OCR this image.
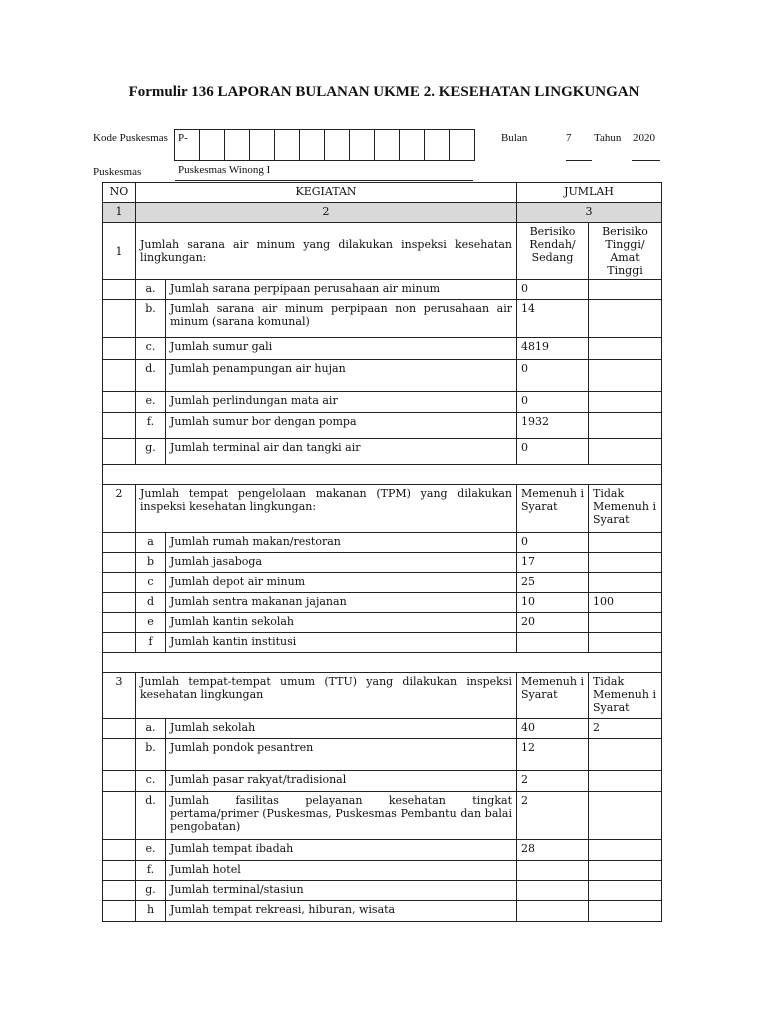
Formulir 136 LAPORAN BULANAN UKME 2. KESEHATAN LINGKUNGAN
Kode Puskesmas P-
Puskesmas	Puskesmas Winong I
Bulan	7 Tahun 2020
NO	KEGIATAN		JUMLAH	
1	2		3	
1	Jumlah sarana air minum yang dilakukan inspeksi kesehatan lingkungan:		Berisiko Rendah/ Sedang	Berisiko Tinggi/ Amat Tinggi
	a.	Jumlah sarana perpipaan perusahaan air minum	0	
	b.	Jumlah sarana air minum perpipaan non perusahaan air minum (sarana komunal)	14	
	c.	Jumlah sumur gali	4819	
	d.	Jumlah penampungan air hujan	0	
	e.	Jumlah perlindungan mata air	0	
	f.	Jumlah sumur bor dengan pompa	1932	
	g.	Jumlah terminal air dan tangki air	0	

2	Jumlah tempat pengelolaan makanan (TPM) yang dilakukan inspeksi kesehatan lingkungan:		Memenuh i Syarat	Tidak Memenuh i Syarat
	a	Jumlah rumah makan/restoran	0	
	b	Jumlah jasaboga	17	
	c	Jumlah depot air minum	25	
	d	Jumlah sentra makanan jajanan	10	100
	e	Jumlah kantin sekolah	20	
	f	Jumlah kantin institusi		

3	Jumlah tempat-tempat umum (TTU) yang dilakukan inspeksi kesehatan lingkungan		Memenuh i Syarat	Tidak Memenuh i Syarat
	a.	Jumlah sekolah	40	2
	b.	Jumlah pondok pesantren	12	
	c.	Jumlah pasar rakyat/tradisional	2	
	d.	Jumlah fasilitas pelayanan kesehatan tingkat pertama/primer (Puskesmas, Puskesmas Pembantu dan balai pengobatan)	2	
	e.	Jumlah tempat ibadah	28	
	f.	Jumlah hotel		
	g.	Jumlah terminal/stasiun		
	h	Jumlah tempat rekreasi, hiburan, wisata		
